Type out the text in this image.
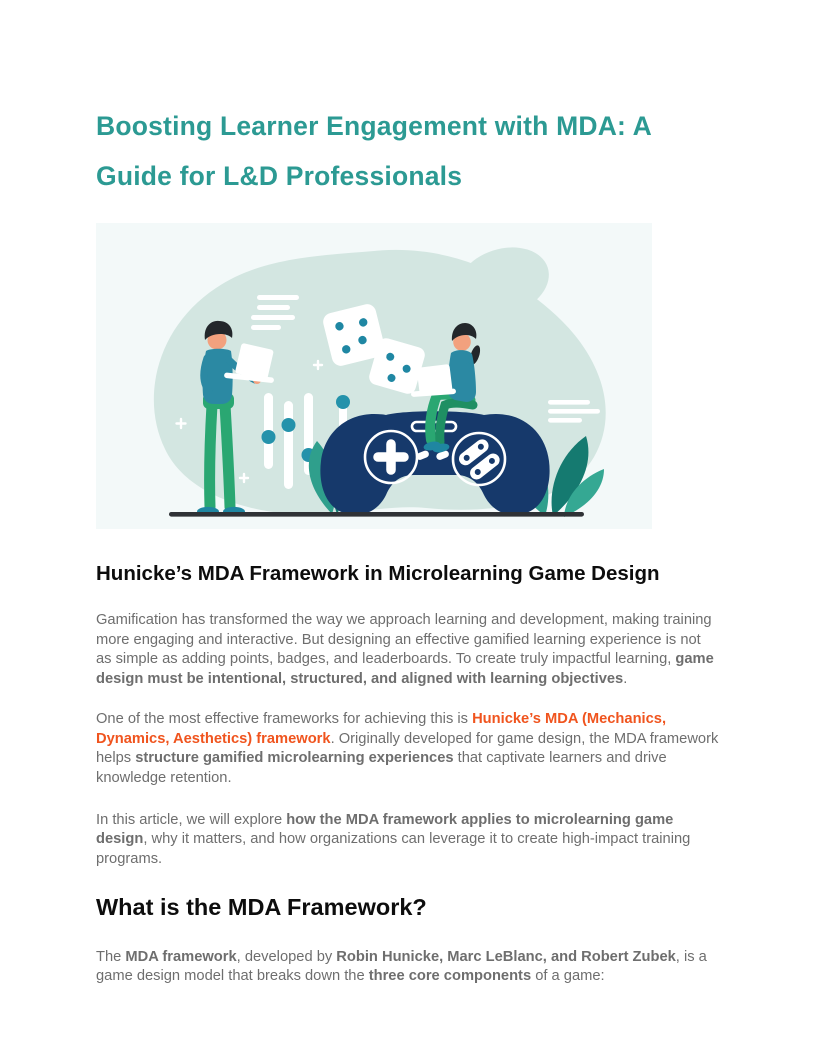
Boosting Learner Engagement with MDA: A
Guide for L&D Professionals
Hunicke’s MDA Framework in Microlearning Game Design

Gamification has transformed the way we approach learning and development, making training more engaging and interactive. But designing an effective gamified learning experience is not as simple as adding points, badges, and leaderboards. To create truly impactful learning, game design must be intentional, structured, and aligned with learning objectives.

One of the most effective frameworks for achieving this is Hunicke’s MDA (Mechanics, Dynamics, Aesthetics) framework. Originally developed for game design, the MDA framework helps structure gamified microlearning experiences that captivate learners and drive knowledge retention.

In this article, we will explore how the MDA framework applies to microlearning game design, why it matters, and how organizations can leverage it to create high-impact training programs.

What is the MDA Framework?

The MDA framework, developed by Robin Hunicke, Marc LeBlanc, and Robert Zubek, is a game design model that breaks down the three core components of a game:
